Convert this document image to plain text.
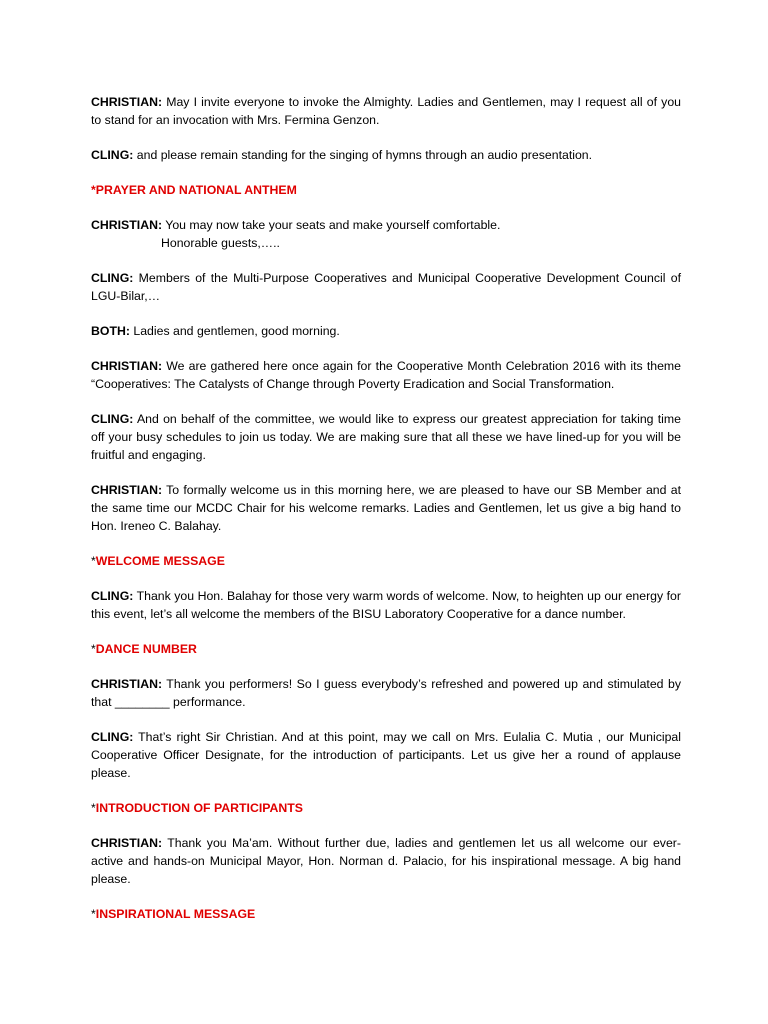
CHRISTIAN: May I invite everyone to invoke the Almighty. Ladies and Gentlemen, may I request all of you to stand for an invocation with Mrs. Fermina Genzon.

CLING: and please remain standing for the singing of hymns through an audio presentation.

*PRAYER AND NATIONAL ANTHEM

CHRISTIAN: You may now take your seats and make yourself comfortable.
Honorable guests,…..

CLING: Members of the Multi-Purpose Cooperatives and Municipal Cooperative Development Council of LGU-Bilar,…

BOTH: Ladies and gentlemen, good morning.

CHRISTIAN: We are gathered here once again for the Cooperative Month Celebration 2016 with its theme “Cooperatives: The Catalysts of Change through Poverty Eradication and Social Transformation.

CLING: And on behalf of the committee, we would like to express our greatest appreciation for taking time off your busy schedules to join us today. We are making sure that all these we have lined-up for you will be fruitful and engaging.

CHRISTIAN: To formally welcome us in this morning here, we are pleased to have our SB Member and at the same time our MCDC Chair for his welcome remarks. Ladies and Gentlemen, let us give a big hand to Hon. Ireneo C. Balahay.

*WELCOME MESSAGE

CLING: Thank you Hon. Balahay for those very warm words of welcome. Now, to heighten up our energy for this event, let’s all welcome the members of the BISU Laboratory Cooperative for a dance number.

*DANCE NUMBER

CHRISTIAN: Thank you performers! So I guess everybody’s refreshed and powered up and stimulated by that ________ performance.

CLING: That’s right Sir Christian. And at this point, may we call on Mrs. Eulalia C. Mutia , our Municipal Cooperative Officer Designate, for the introduction of participants. Let us give her a round of applause please.

*INTRODUCTION OF PARTICIPANTS

CHRISTIAN: Thank you Ma’am. Without further due, ladies and gentlemen let us all welcome our ever-active and hands-on Municipal Mayor, Hon. Norman d. Palacio, for his inspirational message. A big hand please.

*INSPIRATIONAL MESSAGE
